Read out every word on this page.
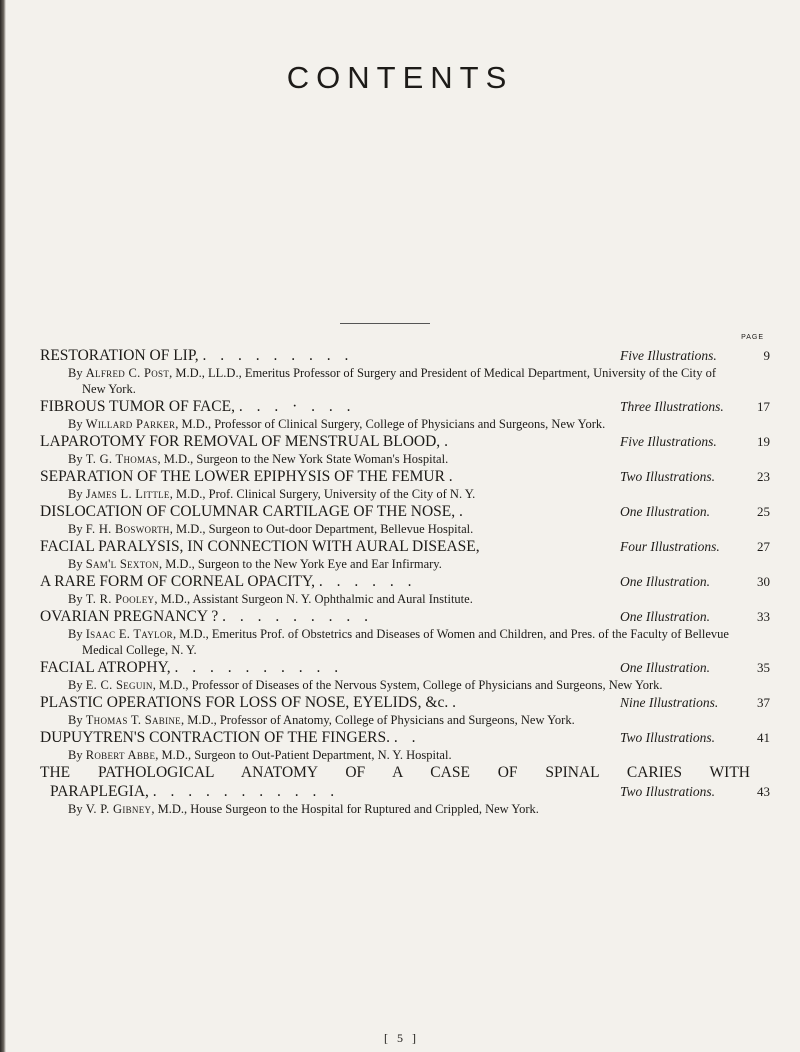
CONTENTS
PAGE
RESTORATION OF LIP, . . . . . . . . .	Five Illustrations.	9
By Alfred C. Post, M.D., LL.D., Emeritus Professor of Surgery and President of Medical Department, University of the City of New York.
FIBROUS TUMOR OF FACE, . . . · . . .	Three Illustrations.	17
By Willard Parker, M.D., Professor of Clinical Surgery, College of Physicians and Surgeons, New York.
LAPAROTOMY FOR REMOVAL OF MENSTRUAL BLOOD, .	Five Illustrations.	19
By T. G. Thomas, M.D., Surgeon to the New York State Woman's Hospital.
SEPARATION OF THE LOWER EPIPHYSIS OF THE FEMUR .	Two Illustrations.	23
By James L. Little, M.D., Prof. Clinical Surgery, University of the City of N. Y.
DISLOCATION OF COLUMNAR CARTILAGE OF THE NOSE, .	One Illustration.	25
By F. H. Bosworth, M.D., Surgeon to Out-door Department, Bellevue Hospital.
FACIAL PARALYSIS, IN CONNECTION WITH AURAL DISEASE,	Four Illustrations.	27
By Sam'l Sexton, M.D., Surgeon to the New York Eye and Ear Infirmary.
A RARE FORM OF CORNEAL OPACITY, . . . . . .	One Illustration.	30
By T. R. Pooley, M.D., Assistant Surgeon N. Y. Ophthalmic and Aural Institute.
OVARIAN PREGNANCY ? . . . . . . . . .	One Illustration.	33
By Isaac E. Taylor, M.D., Emeritus Prof. of Obstetrics and Diseases of Women and Children, and Pres. of the Faculty of Bellevue Medical College, N. Y.
FACIAL ATROPHY, . . . . . . . . . .	One Illustration.	35
By E. C. Seguin, M.D., Professor of Diseases of the Nervous System, College of Physicians and Surgeons, New York.
PLASTIC OPERATIONS FOR LOSS OF NOSE, EYELIDS, &c. .	Nine Illustrations.	37
By Thomas T. Sabine, M.D., Professor of Anatomy, College of Physicians and Surgeons, New York.
DUPUYTREN'S CONTRACTION OF THE FINGERS. . .	Two Illustrations.	41
By Robert Abbe, M.D., Surgeon to Out-Patient Department, N. Y. Hospital.
THE PATHOLOGICAL ANATOMY OF A CASE OF SPINAL CARIES WITH
PARAPLEGIA, . . . . . . . . . . .	Two Illustrations.	43
By V. P. Gibney, M.D., House Surgeon to the Hospital for Ruptured and Crippled, New York.
[ 5 ]
